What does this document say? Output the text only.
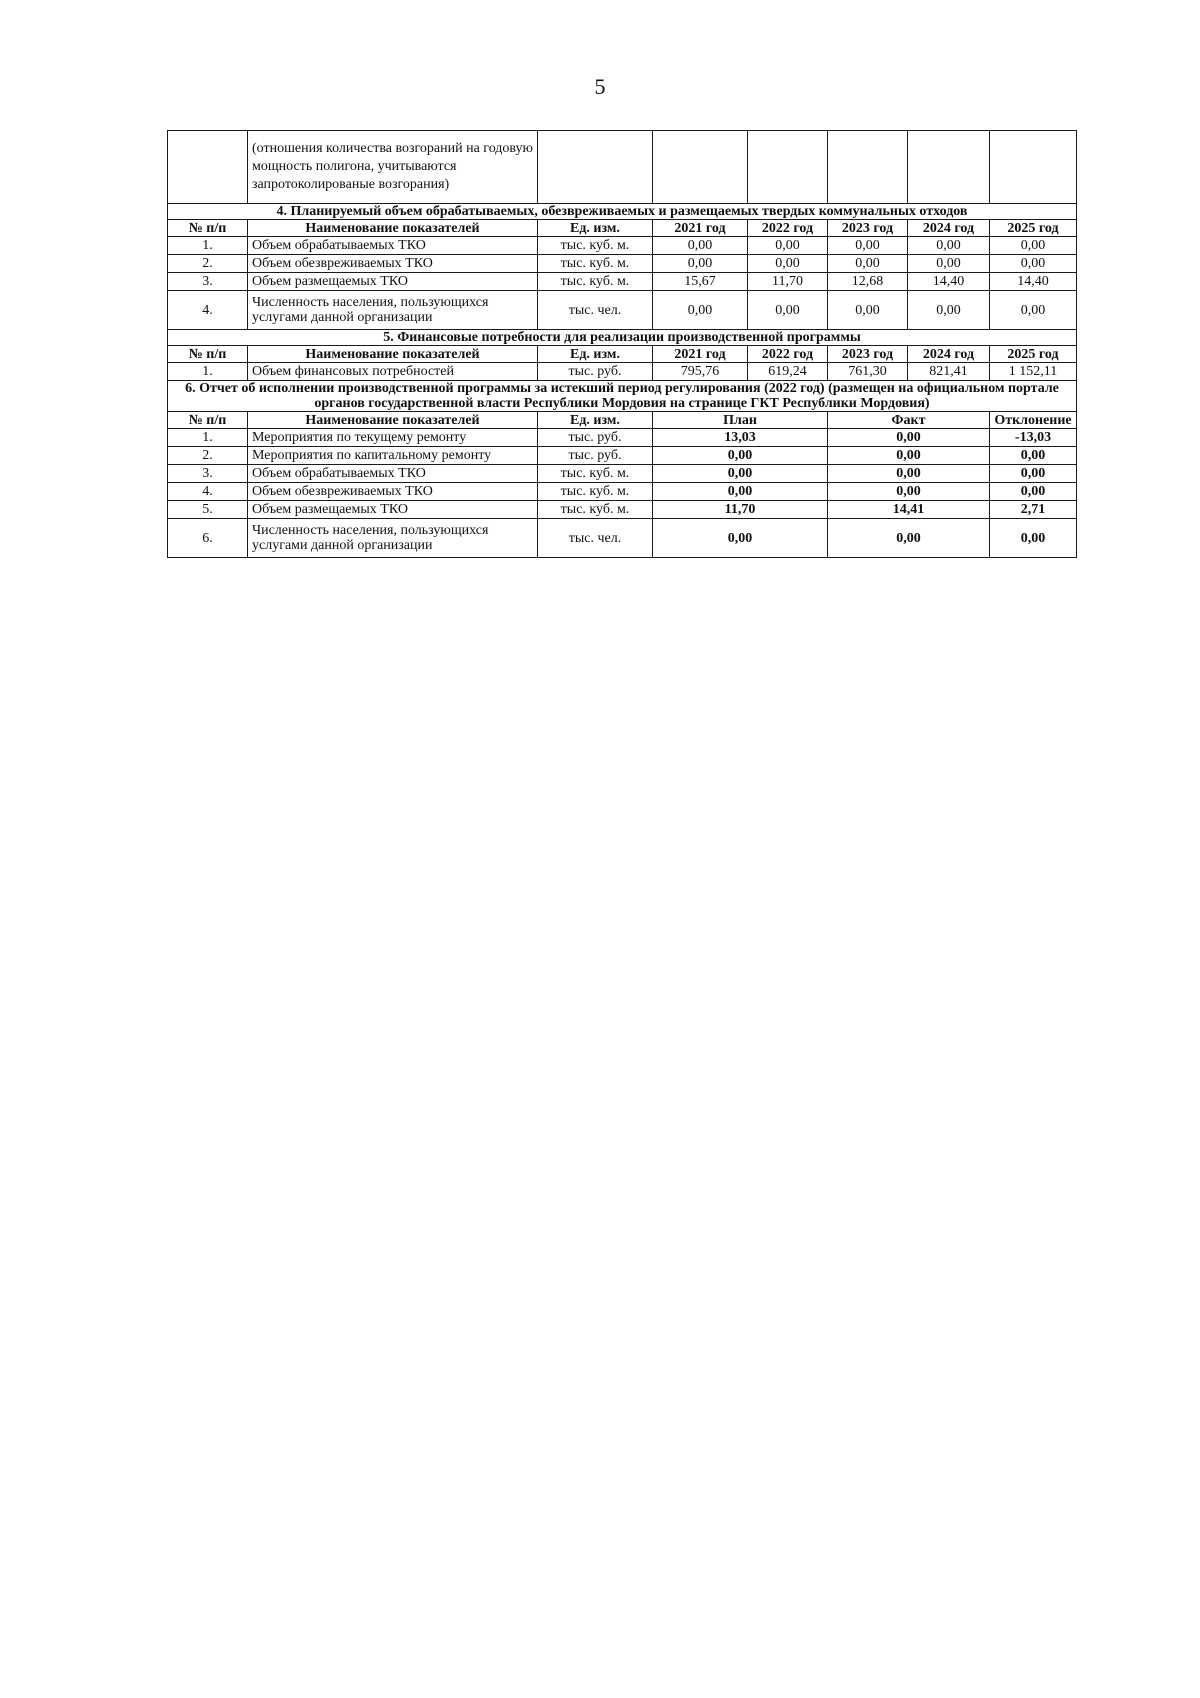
5
	(отношения количества возгораний на годовую мощность полигона, учитываются запротоколированые возгорания)						
4. Планируемый объем обрабатываемых, обезвреживаемых и размещаемых твердых коммунальных отходов							
№ п/п	Наименование показателей	Ед. изм.	2021 год	2022 год	2023 год	2024 год	2025 год
1.	Объем обрабатываемых ТКО	тыс. куб. м.	0,00	0,00	0,00	0,00	0,00
2.	Объем обезвреживаемых ТКО	тыс. куб. м.	0,00	0,00	0,00	0,00	0,00
3.	Объем размещаемых ТКО	тыс. куб. м.	15,67	11,70	12,68	14,40	14,40
4.	Численность населения, пользующихся услугами данной организации	тыс. чел.	0,00	0,00	0,00	0,00	0,00
5. Финансовые потребности для реализации производственной программы							
№ п/п	Наименование показателей	Ед. изм.	2021 год	2022 год	2023 год	2024 год	2025 год
1.	Объем финансовых потребностей	тыс. руб.	795,76	619,24	761,30	821,41	1 152,11
6. Отчет об исполнении производственной программы за истекший период регулирования (2022 год) (размещен на официальном портале органов государственной власти Республики Мордовия на странице ГКТ Республики Мордовия)							
№ п/п	Наименование показателей	Ед. изм.	План		Факт		Отклонение
1.	Мероприятия по текущему ремонту	тыс. руб.	13,03		0,00		-13,03
2.	Мероприятия по капитальному ремонту	тыс. руб.	0,00		0,00		0,00
3.	Объем обрабатываемых ТКО	тыс. куб. м.	0,00		0,00		0,00
4.	Объем обезвреживаемых ТКО	тыс. куб. м.	0,00		0,00		0,00
5.	Объем размещаемых ТКО	тыс. куб. м.	11,70		14,41		2,71
6.	Численность населения, пользующихся услугами данной организации	тыс. чел.	0,00		0,00		0,00
